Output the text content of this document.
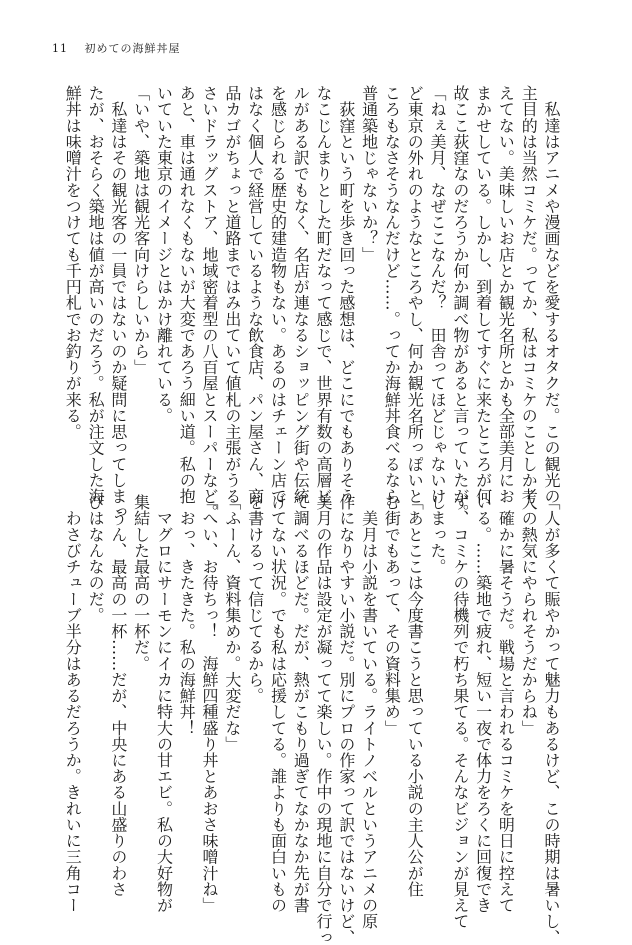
11 初めての海鮮丼屋
　私達はアニメや漫画などを愛するオタクだ。この観光の
主目的は当然コミケだ。ってか、私はコミケのことしか考
えてない。美味しいお店とか観光名所とかも全部美月にお
まかせしている。しかし、到着してすぐに来たところが何
故ここ荻窪なのだろうか何か調べ物があると言っていたが。
「ねぇ美月、なぜここなんだ？　田舎ってほどじゃないけ
ど東京の外れのようなところやし、何か観光名所っぽいと
ころもなさそうなんだけど……。ってか海鮮丼食べるなら
普通築地じゃないか？」
　荻窪という町を歩き回った感想は、どこにでもありそう
なこじんまりとした町だなって感じで、世界有数の高層ビ
ルがある訳でもなく、名店が連なるショッピング街や伝統
を感じられる歴史的建造物もない。あるのはチェーン店で
はなく個人で経営しているような飲食店、パン屋さん、商
品カゴがちょっと道路まではみ出ていて値札の主張がうる
さいドラッグストア、地域密着型の八百屋とスーパーなど。
あと、車は通れなくもないが大変であろう細い道。私の抱
いていた東京のイメージとはかけ離れている。
「いや、築地は観光客向けらしいから」
　私達はその観光客の一員ではないのか疑問に思ってしまっ
たが、おそらく築地は値が高いのだろう。私が注文した海
鮮丼は味噌汁をつけても千円札でお釣りが来る。
「人が多くて賑やかって魅力もあるけど、この時期は暑いし、
人の熱気にやられそうだからね」
　確かに暑そうだ。戦場と言われるコミケを明日に控えて
いる。……築地で疲れ、短い一夜で体力をろくに回復でき
ず、コミケの待機列で朽ち果てる。そんなビジョンが見えて
しまった。
「あとここは今度書こうと思っている小説の主人公が住
む街でもあって、その資料集め」
　美月は小説を書いている。ライトノベルというアニメの原
作になりやすい小説だ。別にプロの作家って訳ではないけど、
美月の作品は設定が凝ってて楽しい。作中の現地に自分で行っ
て調べるほどだ。だが、熱がこもり過ぎてなかなか先が書
けてない状況。でも私は応援してる。誰よりも面白いもの
を書けるって信じてるから。
「ふーん、資料集めか。大変だな」
「へい、お待ちっ！　海鮮四種盛り丼とあおさ味噌汁ね」
　おっ、きたきた。私の海鮮丼！
　マグロにサーモンにイカに特大の甘エビ。私の大好物が
集結した最高の一杯だ。
　うん、最高の一杯……だが、中央にある山盛りのわさ
びはなんなのだ。
　わさびチューブ半分はあるだろうか。きれいに三角コー
